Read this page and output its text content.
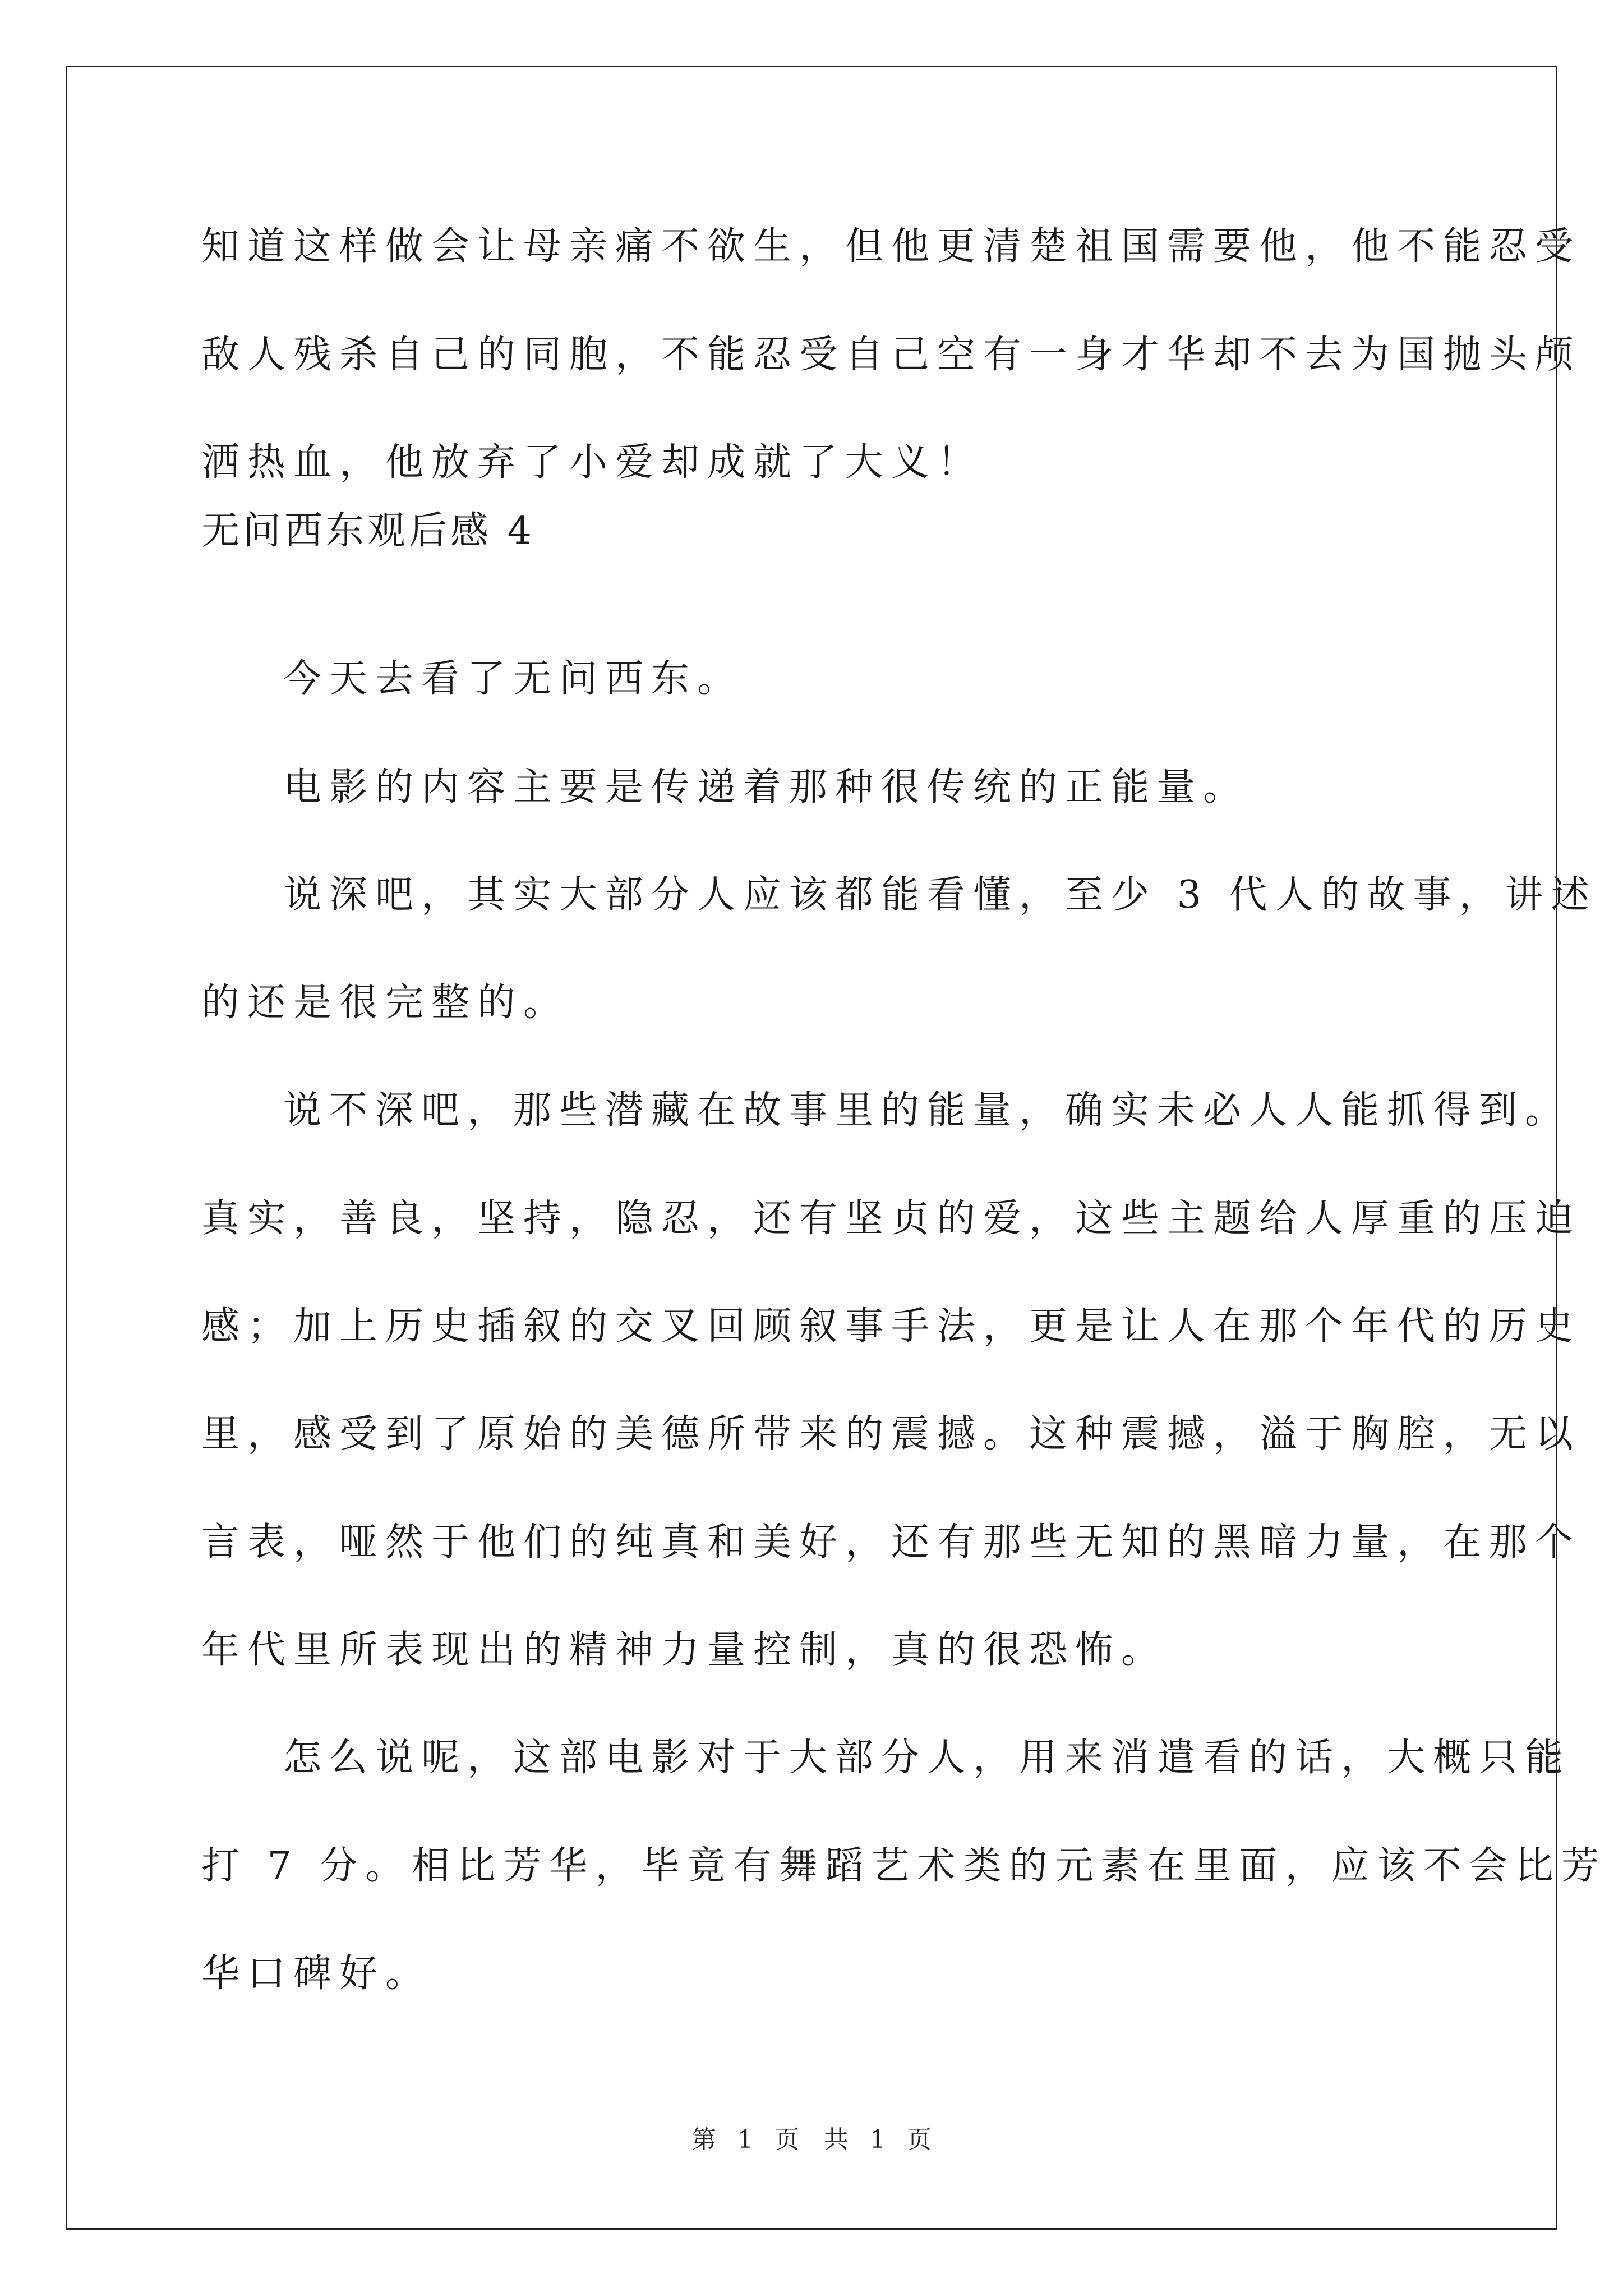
知道这样做会让母亲痛不欲生，但他更清楚祖国需要他，他不能忍受
敌人残杀自己的同胞，不能忍受自己空有一身才华却不去为国抛头颅
洒热血，他放弃了小爱却成就了大义！
无问西东观后感 4
今天去看了无问西东。
电影的内容主要是传递着那种很传统的正能量。
说深吧，其实大部分人应该都能看懂，至少 3 代人的故事，讲述
的还是很完整的。
说不深吧，那些潜藏在故事里的能量，确实未必人人能抓得到。
真实，善良，坚持，隐忍，还有坚贞的爱，这些主题给人厚重的压迫
感；加上历史插叙的交叉回顾叙事手法，更是让人在那个年代的历史
里，感受到了原始的美德所带来的震撼。这种震撼，溢于胸腔，无以
言表，哑然于他们的纯真和美好，还有那些无知的黑暗力量，在那个
年代里所表现出的精神力量控制，真的很恐怖。
怎么说呢，这部电影对于大部分人，用来消遣看的话，大概只能
打 7 分。相比芳华，毕竟有舞蹈艺术类的元素在里面，应该不会比芳
华口碑好。
第 1 页　共 1 页
